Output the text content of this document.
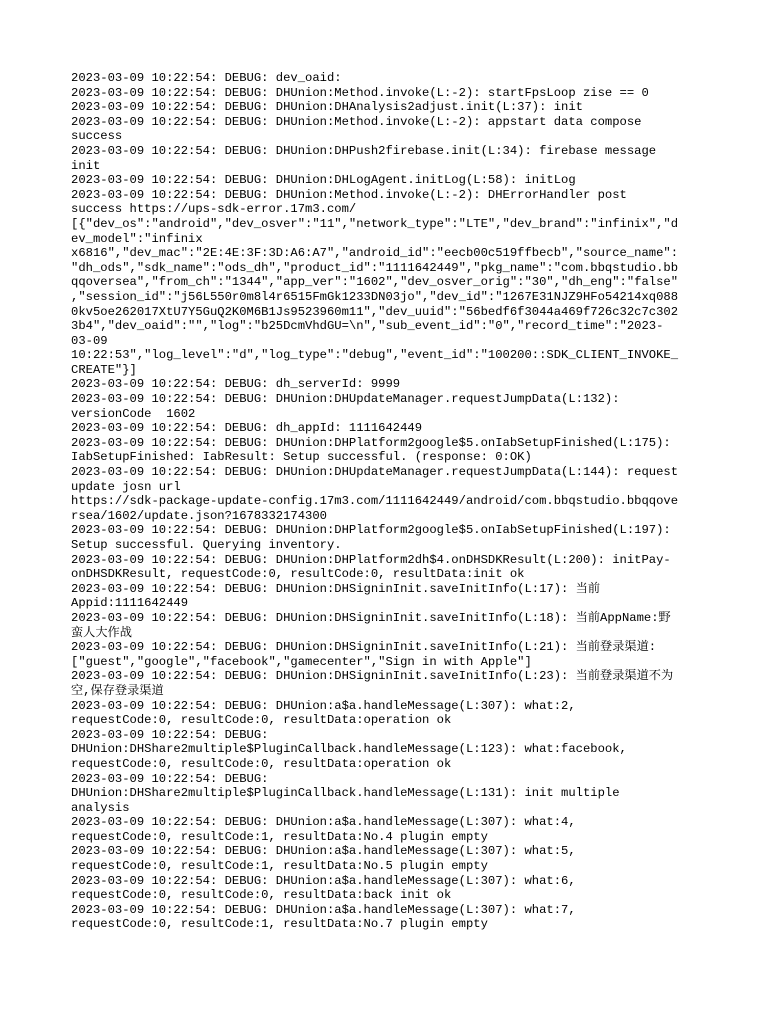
2023-03-09 10:22:54: DEBUG: dev_oaid:

2023-03-09 10:22:54: DEBUG: DHUnion:Method.invoke(L:-2): startFpsLoop zise == 0

2023-03-09 10:22:54: DEBUG: DHUnion:DHAnalysis2adjust.init(L:37): init

2023-03-09 10:22:54: DEBUG: DHUnion:Method.invoke(L:-2): appstart data compose
success

2023-03-09 10:22:54: DEBUG: DHUnion:DHPush2firebase.init(L:34): firebase message
init

2023-03-09 10:22:54: DEBUG: DHUnion:DHLogAgent.initLog(L:58): initLog

2023-03-09 10:22:54: DEBUG: DHUnion:Method.invoke(L:-2): DHErrorHandler post
success https://ups-sdk-error.17m3.com/
[{"dev_os":"android","dev_osver":"11","network_type":"LTE","dev_brand":"infinix","d
ev_model":"infinix
x6816","dev_mac":"2E:4E:3F:3D:A6:A7","android_id":"eecb00c519ffbecb","source_name":
"dh_ods","sdk_name":"ods_dh","product_id":"1111642449","pkg_name":"com.bbqstudio.bb
qqoversea","from_ch":"1344","app_ver":"1602","dev_osver_orig":"30","dh_eng":"false"
,"session_id":"j56L550r0m8l4r6515FmGk1233DN03jo","dev_id":"1267E31NJZ9HFo54214xq088
0kv5oe262017XtU7Y5GuQ2K0M6B1Js9523960m11","dev_uuid":"56bedf6f3044a469f726c32c7c302
3b4","dev_oaid":"","log":"b25DcmVhdGU=\n","sub_event_id":"0","record_time":"2023-
03-09
10:22:53","log_level":"d","log_type":"debug","event_id":"100200::SDK_CLIENT_INVOKE_
CREATE"}]

2023-03-09 10:22:54: DEBUG: dh_serverId: 9999

2023-03-09 10:22:54: DEBUG: DHUnion:DHUpdateManager.requestJumpData(L:132):
versionCode  1602

2023-03-09 10:22:54: DEBUG: dh_appId: 1111642449

2023-03-09 10:22:54: DEBUG: DHUnion:DHPlatform2google$5.onIabSetupFinished(L:175):
IabSetupFinished: IabResult: Setup successful. (response: 0:OK)

2023-03-09 10:22:54: DEBUG: DHUnion:DHUpdateManager.requestJumpData(L:144): request
update josn url
https://sdk-package-update-config.17m3.com/1111642449/android/com.bbqstudio.bbqqove
rsea/1602/update.json?1678332174300

2023-03-09 10:22:54: DEBUG: DHUnion:DHPlatform2google$5.onIabSetupFinished(L:197):
Setup successful. Querying inventory.

2023-03-09 10:22:54: DEBUG: DHUnion:DHPlatform2dh$4.onDHSDKResult(L:200): initPay-
onDHSDKResult, requestCode:0, resultCode:0, resultData:init ok

2023-03-09 10:22:54: DEBUG: DHUnion:DHSigninInit.saveInitInfo(L:17): 当前
Appid:1111642449

2023-03-09 10:22:54: DEBUG: DHUnion:DHSigninInit.saveInitInfo(L:18): 当前AppName:野
蛮人大作战

2023-03-09 10:22:54: DEBUG: DHUnion:DHSigninInit.saveInitInfo(L:21): 当前登录渠道:
["guest","google","facebook","gamecenter","Sign in with Apple"]

2023-03-09 10:22:54: DEBUG: DHUnion:DHSigninInit.saveInitInfo(L:23): 当前登录渠道不为
空,保存登录渠道

2023-03-09 10:22:54: DEBUG: DHUnion:a$a.handleMessage(L:307): what:2,
requestCode:0, resultCode:0, resultData:operation ok

2023-03-09 10:22:54: DEBUG:
DHUnion:DHShare2multiple$PluginCallback.handleMessage(L:123): what:facebook,
requestCode:0, resultCode:0, resultData:operation ok

2023-03-09 10:22:54: DEBUG:
DHUnion:DHShare2multiple$PluginCallback.handleMessage(L:131): init multiple
analysis

2023-03-09 10:22:54: DEBUG: DHUnion:a$a.handleMessage(L:307): what:4,
requestCode:0, resultCode:1, resultData:No.4 plugin empty

2023-03-09 10:22:54: DEBUG: DHUnion:a$a.handleMessage(L:307): what:5,
requestCode:0, resultCode:1, resultData:No.5 plugin empty

2023-03-09 10:22:54: DEBUG: DHUnion:a$a.handleMessage(L:307): what:6,
requestCode:0, resultCode:0, resultData:back init ok

2023-03-09 10:22:54: DEBUG: DHUnion:a$a.handleMessage(L:307): what:7,
requestCode:0, resultCode:1, resultData:No.7 plugin empty
